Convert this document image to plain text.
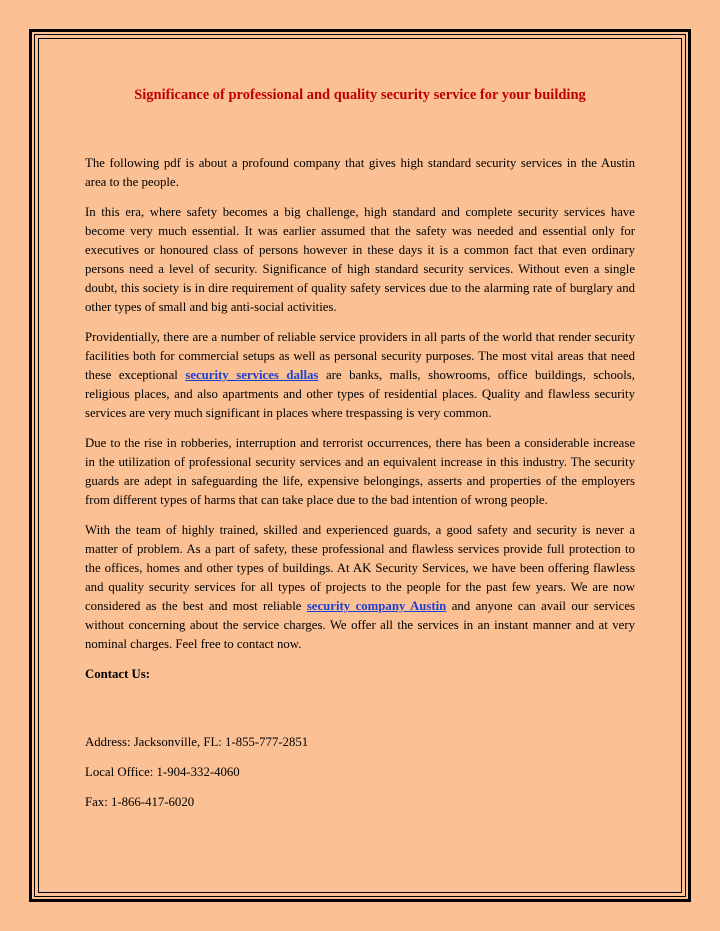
Significance of professional and quality security service for your building

The following pdf is about a profound company that gives high standard security services in the Austin area to the people.

In this era, where safety becomes a big challenge, high standard and complete security services have become very much essential. It was earlier assumed that the safety was needed and essential only for executives or honoured class of persons however in these days it is a common fact that even ordinary persons need a level of security. Significance of high standard security services. Without even a single doubt, this society is in dire requirement of quality safety services due to the alarming rate of burglary and other types of small and big anti-social activities.

Providentially, there are a number of reliable service providers in all parts of the world that render security facilities both for commercial setups as well as personal security purposes. The most vital areas that need these exceptional security services dallas are banks, malls, showrooms, office buildings, schools, religious places, and also apartments and other types of residential places. Quality and flawless security services are very much significant in places where trespassing is very common.

Due to the rise in robberies, interruption and terrorist occurrences, there has been a considerable increase in the utilization of professional security services and an equivalent increase in this industry. The security guards are adept in safeguarding the life, expensive belongings, asserts and properties of the employers from different types of harms that can take place due to the bad intention of wrong people.

With the team of highly trained, skilled and experienced guards, a good safety and security is never a matter of problem. As a part of safety, these professional and flawless services provide full protection to the offices, homes and other types of buildings. At AK Security Services, we have been offering flawless and quality security services for all types of projects to the people for the past few years. We are now considered as the best and most reliable security company Austin and anyone can avail our services without concerning about the service charges. We offer all the services in an instant manner and at very nominal charges. Feel free to contact now.

Contact Us:
Address: Jacksonville, FL: 1-855-777-2851
Local Office: 1-904-332-4060
Fax: 1-866-417-6020
